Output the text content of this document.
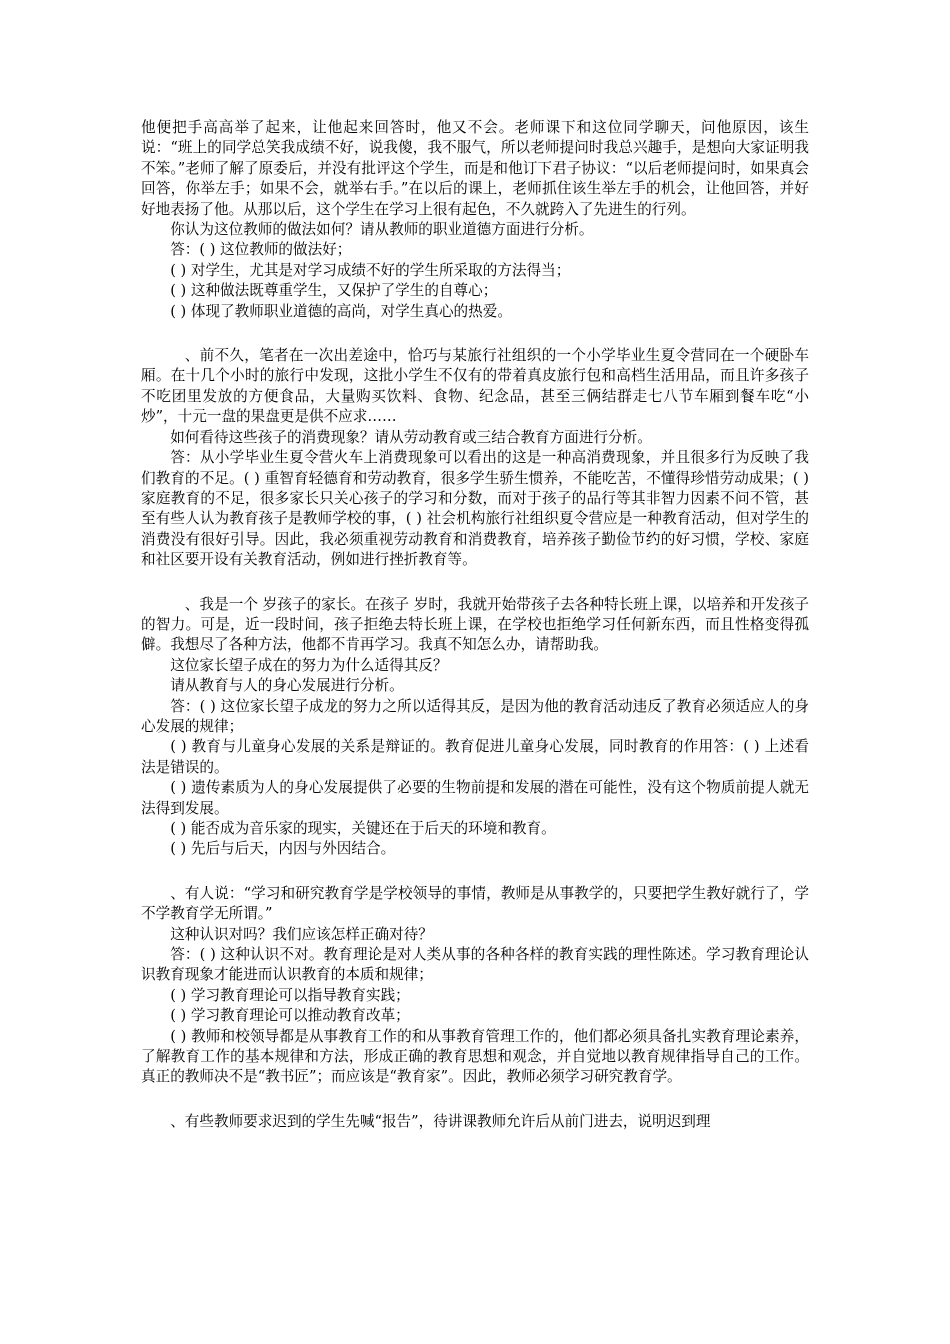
他便把手高高举了起来，让他起来回答时，他又不会。老师课下和这位同学聊天，问他原因，该生说：“班上的同学总笑我成绩不好，说我傻，我不服气，所以老师提问时我总兴趣手，是想向大家证明我不笨。”老师了解了原委后，并没有批评这个学生，而是和他订下君子协议：“以后老师提问时，如果真会回答，你举左手；如果不会，就举右手。”在以后的课上，老师抓住该生举左手的机会，让他回答，并好好地表扬了他。从那以后，这个学生在学习上很有起色，不久就跨入了先进生的行列。

你认为这位教师的做法如何？请从教师的职业道德方面进行分析。

答：( ) 这位教师的做法好；

( ) 对学生，尤其是对学习成绩不好的学生所采取的方法得当；

( ) 这种做法既尊重学生，又保护了学生的自尊心；

( ) 体现了教师职业道德的高尚，对学生真心的热爱。

、前不久，笔者在一次出差途中，恰巧与某旅行社组织的一个小学毕业生夏令营同在一个硬卧车厢。在十几个小时的旅行中发现，这批小学生不仅有的带着真皮旅行包和高档生活用品，而且许多孩子不吃团里发放的方便食品，大量购买饮料、食物、纪念品，甚至三俩结群走七八节车厢到餐车吃“小炒”，十元一盘的果盘更是供不应求……

如何看待这些孩子的消费现象？请从劳动教育或三结合教育方面进行分析。

答：从小学毕业生夏令营火车上消费现象可以看出的这是一种高消费现象，并且很多行为反映了我们教育的不足。( ) 重智育轻德育和劳动教育，很多学生骄生惯养，不能吃苦，不懂得珍惜劳动成果；( ) 家庭教育的不足，很多家长只关心孩子的学习和分数，而对于孩子的品行等其非智力因素不问不管，甚至有些人认为教育孩子是教师学校的事，( ) 社会机构旅行社组织夏令营应是一种教育活动，但对学生的消费没有很好引导。因此，我必须重视劳动教育和消费教育，培养孩子勤俭节约的好习惯，学校、家庭和社区要开设有关教育活动，例如进行挫折教育等。

、我是一个 岁孩子的家长。在孩子 岁时，我就开始带孩子去各种特长班上课，以培养和开发孩子的智力。可是，近一段时间，孩子拒绝去特长班上课，在学校也拒绝学习任何新东西，而且性格变得孤僻。我想尽了各种方法，他都不肯再学习。我真不知怎么办，请帮助我。

这位家长望子成在的努力为什么适得其反？

请从教育与人的身心发展进行分析。

答：( ) 这位家长望子成龙的努力之所以适得其反，是因为他的教育活动违反了教育必须适应人的身心发展的规律；

( ) 教育与儿童身心发展的关系是辩证的。教育促进儿童身心发展，同时教育的作用答：( ) 上述看法是错误的。

( ) 遗传素质为人的身心发展提供了必要的生物前提和发展的潜在可能性，没有这个物质前提人就无法得到发展。

( ) 能否成为音乐家的现实，关键还在于后天的环境和教育。

( ) 先后与后天，内因与外因结合。

、有人说：“学习和研究教育学是学校领导的事情，教师是从事教学的，只要把学生教好就行了，学不学教育学无所谓。”

这种认识对吗？我们应该怎样正确对待？

答：( ) 这种认识不对。教育理论是对人类从事的各种各样的教育实践的理性陈述。学习教育理论认识教育现象才能进而认识教育的本质和规律；

( ) 学习教育理论可以指导教育实践；

( ) 学习教育理论可以推动教育改革；

( ) 教师和校领导都是从事教育工作的和从事教育管理工作的，他们都必须具备扎实教育理论素养，了解教育工作的基本规律和方法，形成正确的教育思想和观念，并自觉地以教育规律指导自己的工作。真正的教师决不是“教书匠”；而应该是“教育家”。因此，教师必须学习研究教育学。

、有些教师要求迟到的学生先喊“报告”，待讲课教师允许后从前门进去，说明迟到理
